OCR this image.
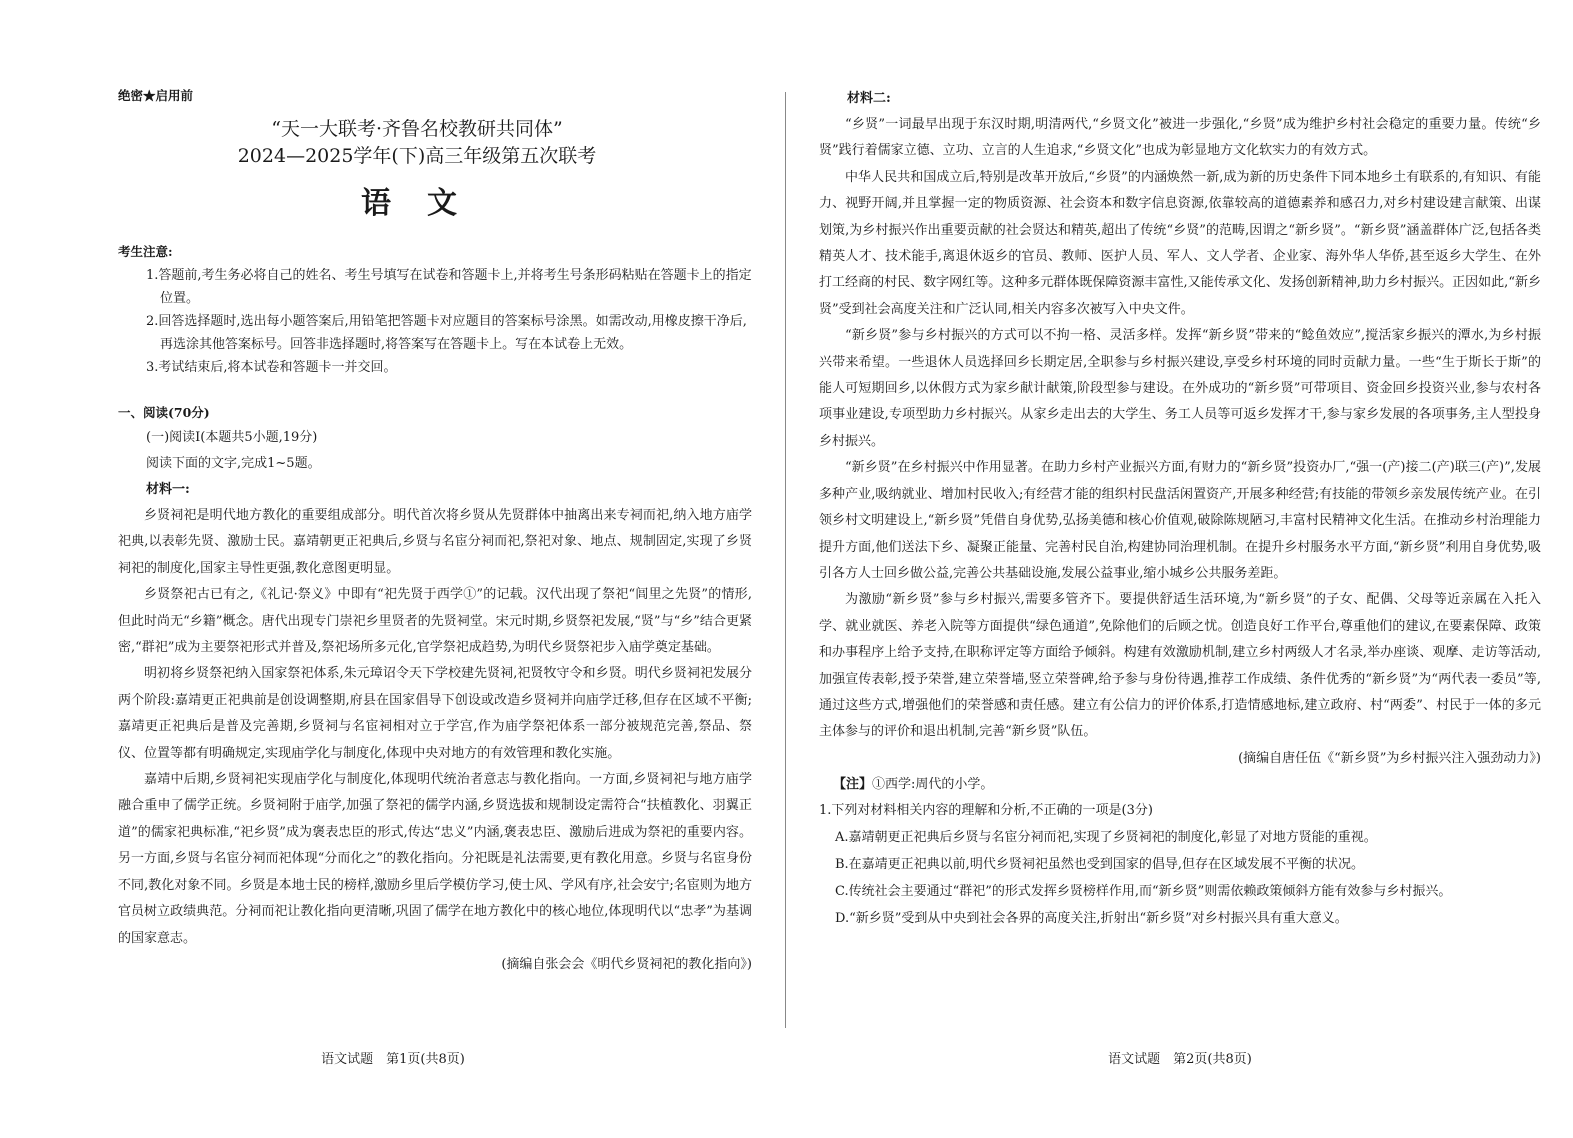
绝密★启用前
“天一大联考·齐鲁名校教研共同体”
2024—2025学年(下)高三年级第五次联考
语文
考生注意:

1.答题前,考生务必将自己的姓名、考生号填写在试卷和答题卡上,并将考生号条形码粘贴在答题卡上的指定位置。

2.回答选择题时,选出每小题答案后,用铅笔把答题卡对应题目的答案标号涂黑。如需改动,用橡皮擦干净后,再选涂其他答案标号。回答非选择题时,将答案写在答题卡上。写在本试卷上无效。

3.考试结束后,将本试卷和答题卡一并交回。

一、阅读(70分)
(一)阅读Ⅰ(本题共5小题,19分)
阅读下面的文字,完成1~5题。
材料一:

乡贤祠祀是明代地方教化的重要组成部分。明代首次将乡贤从先贤群体中抽离出来专祠而祀,纳入地方庙学祀典,以表彰先贤、激励士民。嘉靖朝更正祀典后,乡贤与名宦分祠而祀,祭祀对象、地点、规制固定,实现了乡贤祠祀的制度化,国家主导性更强,教化意图更明显。

乡贤祭祀古已有之,《礼记·祭义》中即有“祀先贤于西学①”的记载。汉代出现了祭祀“闾里之先贤”的情形,但此时尚无“乡籍”概念。唐代出现专门崇祀乡里贤者的先贤祠堂。宋元时期,乡贤祭祀发展,“贤”与“乡”结合更紧密,“群祀”成为主要祭祀形式并普及,祭祀场所多元化,官学祭祀成趋势,为明代乡贤祭祀步入庙学奠定基础。

明初将乡贤祭祀纳入国家祭祀体系,朱元璋诏令天下学校建先贤祠,祀贤牧守令和乡贤。明代乡贤祠祀发展分两个阶段:嘉靖更正祀典前是创设调整期,府县在国家倡导下创设或改造乡贤祠并向庙学迁移,但存在区域不平衡;嘉靖更正祀典后是普及完善期,乡贤祠与名宦祠相对立于学宫,作为庙学祭祀体系一部分被规范完善,祭品、祭仪、位置等都有明确规定,实现庙学化与制度化,体现中央对地方的有效管理和教化实施。

嘉靖中后期,乡贤祠祀实现庙学化与制度化,体现明代统治者意志与教化指向。一方面,乡贤祠祀与地方庙学融合重申了儒学正统。乡贤祠附于庙学,加强了祭祀的儒学内涵,乡贤选拔和规制设定需符合“扶植教化、羽翼正道”的儒家祀典标准,“祀乡贤”成为褒表忠臣的形式,传达“忠义”内涵,褒表忠臣、激励后进成为祭祀的重要内容。另一方面,乡贤与名宦分祠而祀体现“分而化之”的教化指向。分祀既是礼法需要,更有教化用意。乡贤与名宦身份不同,教化对象不同。乡贤是本地士民的榜样,激励乡里后学模仿学习,使士风、学风有序,社会安宁;名宦则为地方官员树立政绩典范。分祠而祀让教化指向更清晰,巩固了儒学在地方教化中的核心地位,体现明代以“忠孝”为基调的国家意志。

(摘编自张会会《明代乡贤祠祀的教化指向》)
语文试题　第1页(共8页)
材料二:

“乡贤”一词最早出现于东汉时期,明清两代,“乡贤文化”被进一步强化,“乡贤”成为维护乡村社会稳定的重要力量。传统“乡贤”践行着儒家立德、立功、立言的人生追求,“乡贤文化”也成为彰显地方文化软实力的有效方式。

中华人民共和国成立后,特别是改革开放后,“乡贤”的内涵焕然一新,成为新的历史条件下同本地乡土有联系的,有知识、有能力、视野开阔,并且掌握一定的物质资源、社会资本和数字信息资源,依靠较高的道德素养和感召力,对乡村建设建言献策、出谋划策,为乡村振兴作出重要贡献的社会贤达和精英,超出了传统“乡贤”的范畴,因谓之“新乡贤”。“新乡贤”涵盖群体广泛,包括各类精英人才、技术能手,离退休返乡的官员、教师、医护人员、军人、文人学者、企业家、海外华人华侨,甚至返乡大学生、在外打工经商的村民、数字网红等。这种多元群体既保障资源丰富性,又能传承文化、发扬创新精神,助力乡村振兴。正因如此,“新乡贤”受到社会高度关注和广泛认同,相关内容多次被写入中央文件。

“新乡贤”参与乡村振兴的方式可以不拘一格、灵活多样。发挥“新乡贤”带来的“鲶鱼效应”,搅活家乡振兴的潭水,为乡村振兴带来希望。一些退休人员选择回乡长期定居,全职参与乡村振兴建设,享受乡村环境的同时贡献力量。一些“生于斯长于斯”的能人可短期回乡,以休假方式为家乡献计献策,阶段型参与建设。在外成功的“新乡贤”可带项目、资金回乡投资兴业,参与农村各项事业建设,专项型助力乡村振兴。从家乡走出去的大学生、务工人员等可返乡发挥才干,参与家乡发展的各项事务,主人型投身乡村振兴。

“新乡贤”在乡村振兴中作用显著。在助力乡村产业振兴方面,有财力的“新乡贤”投资办厂,“强一(产)接二(产)联三(产)”,发展多种产业,吸纳就业、增加村民收入;有经营才能的组织村民盘活闲置资产,开展多种经营;有技能的带领乡亲发展传统产业。在引领乡村文明建设上,“新乡贤”凭借自身优势,弘扬美德和核心价值观,破除陈规陋习,丰富村民精神文化生活。在推动乡村治理能力提升方面,他们送法下乡、凝聚正能量、完善村民自治,构建协同治理机制。在提升乡村服务水平方面,“新乡贤”利用自身优势,吸引各方人士回乡做公益,完善公共基础设施,发展公益事业,缩小城乡公共服务差距。

为激励“新乡贤”参与乡村振兴,需要多管齐下。要提供舒适生活环境,为“新乡贤”的子女、配偶、父母等近亲属在入托入学、就业就医、养老入院等方面提供“绿色通道”,免除他们的后顾之忧。创造良好工作平台,尊重他们的建议,在要素保障、政策和办事程序上给予支持,在职称评定等方面给予倾斜。构建有效激励机制,建立乡村两级人才名录,举办座谈、观摩、走访等活动,加强宣传表彰,授予荣誉,建立荣誉墙,竖立荣誉碑,给予参与身份待遇,推荐工作成绩、条件优秀的“新乡贤”为“两代表一委员”等,通过这些方式,增强他们的荣誉感和责任感。建立有公信力的评价体系,打造情感地标,建立政府、村“两委”、村民于一体的多元主体参与的评价和退出机制,完善“新乡贤”队伍。

(摘编自唐任伍《“新乡贤”为乡村振兴注入强劲动力》)
【注】①西学:周代的小学。
1.下列对材料相关内容的理解和分析,不正确的一项是(3分)
A.嘉靖朝更正祀典后乡贤与名宦分祠而祀,实现了乡贤祠祀的制度化,彰显了对地方贤能的重视。
B.在嘉靖更正祀典以前,明代乡贤祠祀虽然也受到国家的倡导,但存在区域发展不平衡的状况。
C.传统社会主要通过“群祀”的形式发挥乡贤榜样作用,而“新乡贤”则需依赖政策倾斜方能有效参与乡村振兴。
D.“新乡贤”受到从中央到社会各界的高度关注,折射出“新乡贤”对乡村振兴具有重大意义。
语文试题　第2页(共8页)
